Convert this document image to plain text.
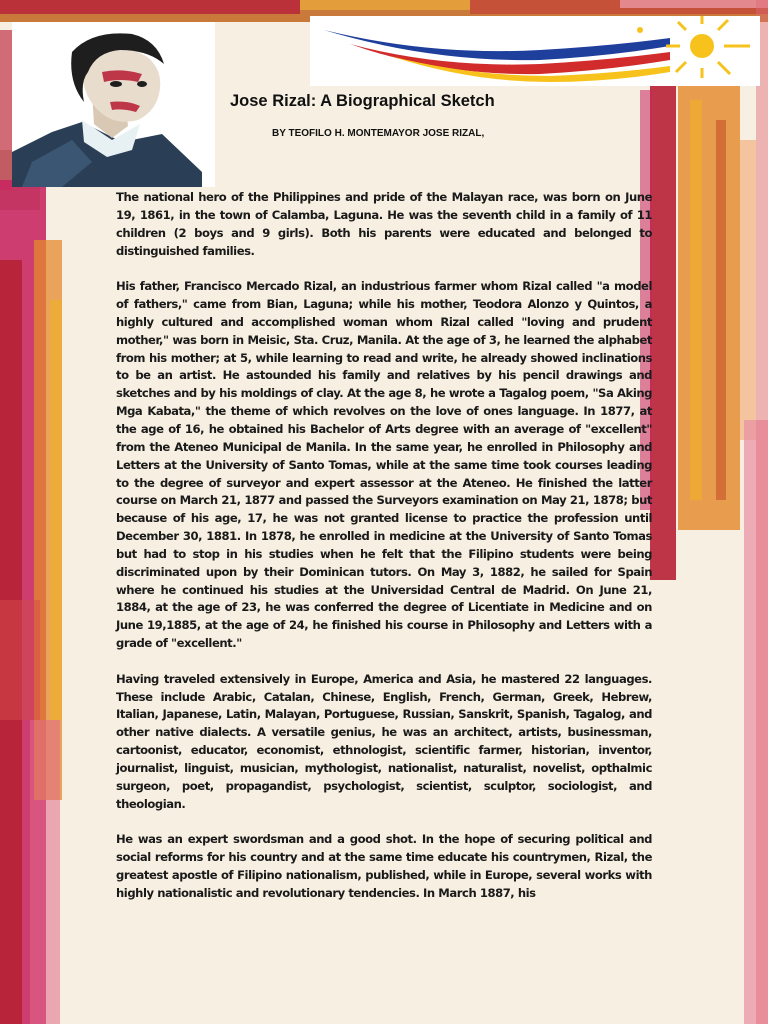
Jose Rizal: A Biographical Sketch

BY TEOFILO H. MONTEMAYOR JOSE RIZAL,

The national hero of the Philippines and pride of the Malayan race, was born on June 19, 1861, in the town of Calamba, Laguna. He was the seventh child in a family of 11 children (2 boys and 9 girls). Both his parents were educated and belonged to distinguished families.

His father, Francisco Mercado Rizal, an industrious farmer whom Rizal called "a model of fathers," came from Bian, Laguna; while his mother, Teodora Alonzo y Quintos, a highly cultured and accomplished woman whom Rizal called "loving and prudent mother," was born in Meisic, Sta. Cruz, Manila. At the age of 3, he learned the alphabet from his mother; at 5, while learning to read and write, he already showed inclinations to be an artist. He astounded his family and relatives by his pencil drawings and sketches and by his moldings of clay. At the age 8, he wrote a Tagalog poem, "Sa Aking Mga Kabata," the theme of which revolves on the love of ones language. In 1877, at the age of 16, he obtained his Bachelor of Arts degree with an average of "excellent" from the Ateneo Municipal de Manila. In the same year, he enrolled in Philosophy and Letters at the University of Santo Tomas, while at the same time took courses leading to the degree of surveyor and expert assessor at the Ateneo. He finished the latter course on March 21, 1877 and passed the Surveyors examination on May 21, 1878; but because of his age, 17, he was not granted license to practice the profession until December 30, 1881. In 1878, he enrolled in medicine at the University of Santo Tomas but had to stop in his studies when he felt that the Filipino students were being discriminated upon by their Dominican tutors. On May 3, 1882, he sailed for Spain where he continued his studies at the Universidad Central de Madrid. On June 21, 1884, at the age of 23, he was conferred the degree of Licentiate in Medicine and on June 19,1885, at the age of 24, he finished his course in Philosophy and Letters with a grade of "excellent."

Having traveled extensively in Europe, America and Asia, he mastered 22 languages. These include Arabic, Catalan, Chinese, English, French, German, Greek, Hebrew, Italian, Japanese, Latin, Malayan, Portuguese, Russian, Sanskrit, Spanish, Tagalog, and other native dialects. A versatile genius, he was an architect, artists, businessman, cartoonist, educator, economist, ethnologist, scientific farmer, historian, inventor, journalist, linguist, musician, mythologist, nationalist, naturalist, novelist, opthalmic surgeon, poet, propagandist, psychologist, scientist, sculptor, sociologist, and theologian.

He was an expert swordsman and a good shot. In the hope of securing political and social reforms for his country and at the same time educate his countrymen, Rizal, the greatest apostle of Filipino nationalism, published, while in Europe, several works with highly nationalistic and revolutionary tendencies. In March 1887, his
